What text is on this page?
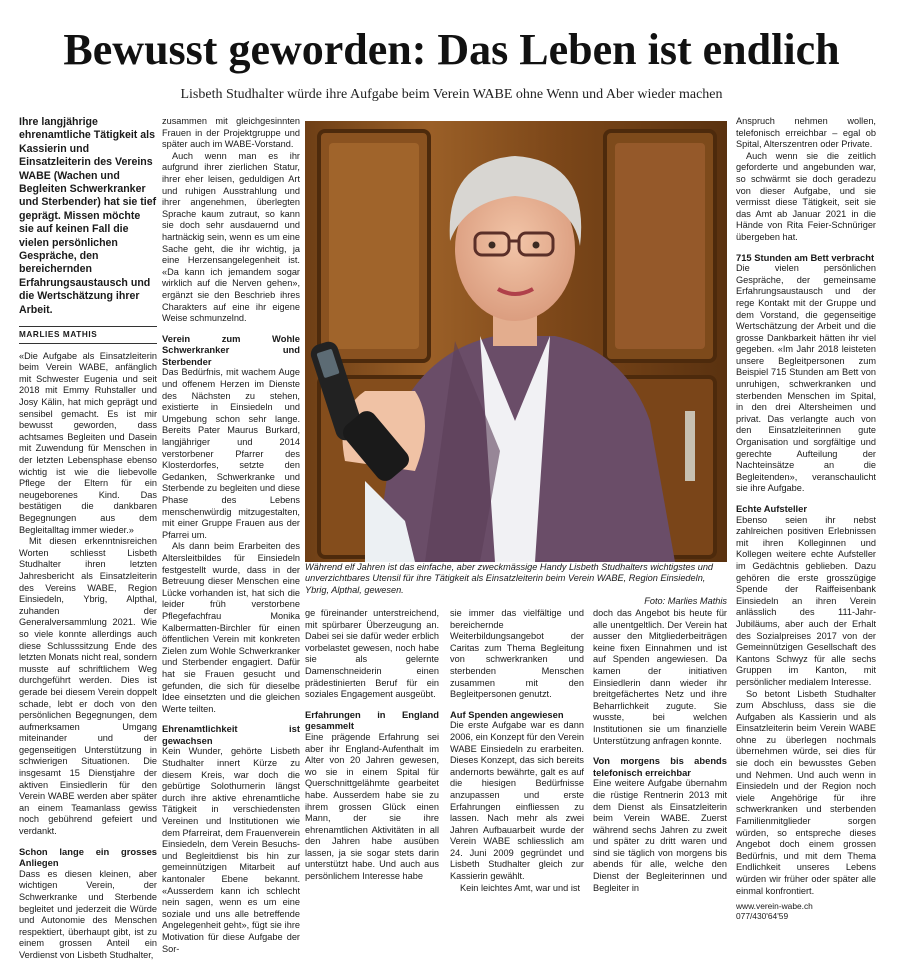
Bewusst geworden: Das Leben ist endlich
Lisbeth Studhalter würde ihre Aufgabe beim Verein WABE ohne Wenn und Aber wieder machen

Ihre langjährige ehrenamtliche Tätigkeit als Kassierin und Einsatzleiterin des Vereins WABE (Wachen und Begleiten Schwerkranker und Sterbender) hat sie tief geprägt. Missen möchte sie auf keinen Fall die vielen persönlichen Gespräche, den bereichernden Erfahrungsaustausch und die Wertschätzung ihrer Arbeit.

MARLIES MATHIS

«Die Aufgabe als Einsatzleiterin beim Verein WABE, anfänglich mit Schwester Eugenia und seit 2018 mit Emmy Ruhstaller und Josy Kälin, hat mich geprägt und sensibel gemacht. Es ist mir bewusst geworden, dass achtsames Begleiten und Dasein mit Zuwendung für Menschen in der letzten Lebensphase ebenso wichtig ist wie die liebevolle Pflege der Eltern für ein neugeborenes Kind. Das bestätigen die dankbaren Begegnungen aus dem Begleitalltag immer wieder.»

Mit diesen erkenntnisreichen Worten schliesst Lisbeth Studhalter ihren letzten Jahresbericht als Einsatzleiterin des Vereins WABE, Region Einsiedeln, Ybrig, Alpthal, zuhanden der Generalversammlung 2021. Wie so viele konnte allerdings auch diese Schlusssitzung Ende des letzten Monats nicht real, sondern musste auf schriftlichem Weg durchgeführt werden. Dies ist gerade bei diesem Verein doppelt schade, lebt er doch von den persönlichen Begegnungen, dem aufmerksamen Umgang miteinander und der gegenseitigen Unterstützung in schwierigen Situationen. Die insgesamt 15 Dienstjahre der aktiven Einsiedlerin für den Verein WABE werden aber später an einem Teamanlass gewiss noch gebührend gefeiert und verdankt.

Schon lange ein grosses Anliegen

Dass es diesen kleinen, aber wichtigen Verein, der Schwerkranke und Sterbende begleitet und jederzeit die Würde und Autonomie des Menschen respektiert, überhaupt gibt, ist zu einem grossen Anteil ein Verdienst von Lisbeth Studhalter,

zusammen mit gleichgesinnten Frauen in der Projektgruppe und später auch im WABE-Vorstand.

Auch wenn man es ihr aufgrund ihrer zierlichen Statur, ihrer eher leisen, geduldigen Art und ruhigen Ausstrahlung und ihrer angenehmen, überlegten Sprache kaum zutraut, so kann sie doch sehr ausdauernd und hartnäckig sein, wenn es um eine Sache geht, die ihr wichtig, ja eine Herzensangelegenheit ist. «Da kann ich jemandem sogar wirklich auf die Nerven gehen», ergänzt sie den Beschrieb ihres Charakters auf eine ihr eigene Weise schmunzelnd.

Verein zum Wohle Schwerkranker und Sterbender

Das Bedürfnis, mit wachem Auge und offenem Herzen im Dienste des Nächsten zu stehen, existierte in Einsiedeln und Umgebung schon sehr lange. Bereits Pater Maurus Burkard, langjähriger und 2014 verstorbener Pfarrer des Klosterdorfes, setzte den Gedanken, Schwerkranke und Sterbende zu begleiten und diese Phase des Lebens menschenwürdig mitzugestalten, mit einer Gruppe Frauen aus der Pfarrei um.

Als dann beim Erarbeiten des Altersleitbildes für Einsiedeln festgestellt wurde, dass in der Betreuung dieser Menschen eine Lücke vorhanden ist, hat sich die leider früh verstorbene Pflegefachfrau Monika Kalbermatten-Birchler für einen öffentlichen Verein mit konkreten Zielen zum Wohle Schwerkranker und Sterbender engagiert. Dafür hat sie Frauen gesucht und gefunden, die sich für dieselbe Idee einsetzten und die gleichen Werte teilten.

Ehrenamtlichkeit ist gewachsen

Kein Wunder, gehörte Lisbeth Studhalter innert Kürze zu diesem Kreis, war doch die gebürtige Solothurnerin längst durch ihre aktive ehrenamtliche Tätigkeit in verschiedensten Vereinen und Institutionen wie dem Pfarreirat, dem Frauenverein Einsiedeln, dem Verein Besuchs- und Begleitdienst bis hin zur gemeinnützigen Mitarbeit auf kantonaler Ebene bekannt. «Ausserdem kann ich schlecht nein sagen, wenn es um eine soziale und uns alle betreffende Angelegenheit geht», fügt sie ihre Motivation für diese Aufgabe der Sor-

Während elf Jahren ist das einfache, aber zweckmässige Handy Lisbeth Studhalters wichtigstes und unverzichtbares Utensil für ihre Tätigkeit als Einsatzleiterin beim Verein WABE, Region Einsiedeln, Ybrig, Alpthal, gewesen.
Foto: Marlies Mathis

ge füreinander unterstreichend, mit spürbarer Überzeugung an. Dabei sei sie dafür weder erblich vorbelastet gewesen, noch habe sie als gelernte Damenschneiderin einen prädestinierten Beruf für ein soziales Engagement ausgeübt.

Erfahrungen in England gesammelt

Eine prägende Erfahrung sei aber ihr England-Aufenthalt im Alter von 20 Jahren gewesen, wo sie in einem Spital für Querschnittgelähmte gearbeitet habe. Ausserdem habe sie zu ihrem grossen Glück einen Mann, der sie ihre ehrenamtlichen Aktivitäten in all den Jahren habe ausüben lassen, ja sie sogar stets darin unterstützt habe. Und auch aus persönlichem Interesse habe

sie immer das vielfältige und bereichernde Weiterbildungsangebot der Caritas zum Thema Begleitung von schwerkranken und sterbenden Menschen zusammen mit den Begleitpersonen genutzt.

Auf Spenden angewiesen

Die erste Aufgabe war es dann 2006, ein Konzept für den Verein WABE Einsiedeln zu erarbeiten. Dieses Konzept, das sich bereits andernorts bewährte, galt es auf die hiesigen Bedürfnisse anzupassen und erste Erfahrungen einfliessen zu lassen. Nach mehr als zwei Jahren Aufbauarbeit wurde der Verein WABE schliesslich am 24. Juni 2009 gegründet und Lisbeth Studhalter gleich zur Kassierin gewählt.

Kein leichtes Amt, war und ist

doch das Angebot bis heute für alle unentgeltlich. Der Verein hat ausser den Mitgliederbeiträgen keine fixen Einnahmen und ist auf Spenden angewiesen. Da kamen der initiativen Einsiedlerin dann wieder ihr breitgefächertes Netz und ihre Beharrlichkeit zugute. Sie wusste, bei welchen Institutionen sie um finanzielle Unterstützung anfragen konnte.

Von morgens bis abends telefonisch erreichbar

Eine weitere Aufgabe übernahm die rüstige Rentnerin 2013 mit dem Dienst als Einsatzleiterin beim Verein WABE. Zuerst während sechs Jahren zu zweit und später zu dritt waren und sind sie täglich von morgens bis abends für alle, welche den Dienst der Begleiterinnen und Begleiter in

Anspruch nehmen wollen, telefonisch erreichbar – egal ob Spital, Alterszentren oder Private.

Auch wenn sie die zeitlich geforderte und angebunden war, so schwärmt sie doch geradezu von dieser Aufgabe, und sie vermisst diese Tätigkeit, seit sie das Amt ab Januar 2021 in die Hände von Rita Feier-Schnüriger übergeben hat.

715 Stunden am Bett verbracht

Die vielen persönlichen Gespräche, der gemeinsame Erfahrungsaustausch und der rege Kontakt mit der Gruppe und dem Vorstand, die gegenseitige Wertschätzung der Arbeit und die grosse Dankbarkeit hätten ihr viel gegeben. «Im Jahr 2018 leisteten unsere Begleitpersonen zum Beispiel 715 Stunden am Bett von unruhigen, schwerkranken und sterbenden Menschen im Spital, in den drei Altersheimen und privat. Das verlangte auch von den Einsatzleiterinnen gute Organisation und sorgfältige und gerechte Aufteilung der Nachteinsätze an die Begleitenden», veranschaulicht sie ihre Aufgabe.

Echte Aufsteller

Ebenso seien ihr nebst zahlreichen positiven Erlebnissen mit ihren Kolleginnen und Kollegen weitere echte Aufsteller im Gedächtnis geblieben. Dazu gehören die erste grosszügige Spende der Raiffeisenbank Einsiedeln an ihren Verein anlässlich des 111-Jahr-Jubiläums, aber auch der Erhalt des Sozialpreises 2017 von der Gemeinnützigen Gesellschaft des Kantons Schwyz für alle sechs Gruppen im Kanton, mit persönlicher medialem Interesse.

So betont Lisbeth Studhalter zum Abschluss, dass sie die Aufgaben als Kassierin und als Einsatzleiterin beim Verein WABE ohne zu überlegen nochmals übernehmen würde, sei dies für sie doch ein bewusstes Geben und Nehmen. Und auch wenn in Einsiedeln und der Region noch viele Angehörige für ihre schwerkranken und sterbenden Familienmitglieder sorgen würden, so entspreche dieses Angebot doch einem grossen Bedürfnis, und mit dem Thema Endlichkeit unseres Lebens würden wir früher oder später alle einmal konfrontiert.

www.verein-wabe.ch
077/430'64'59
